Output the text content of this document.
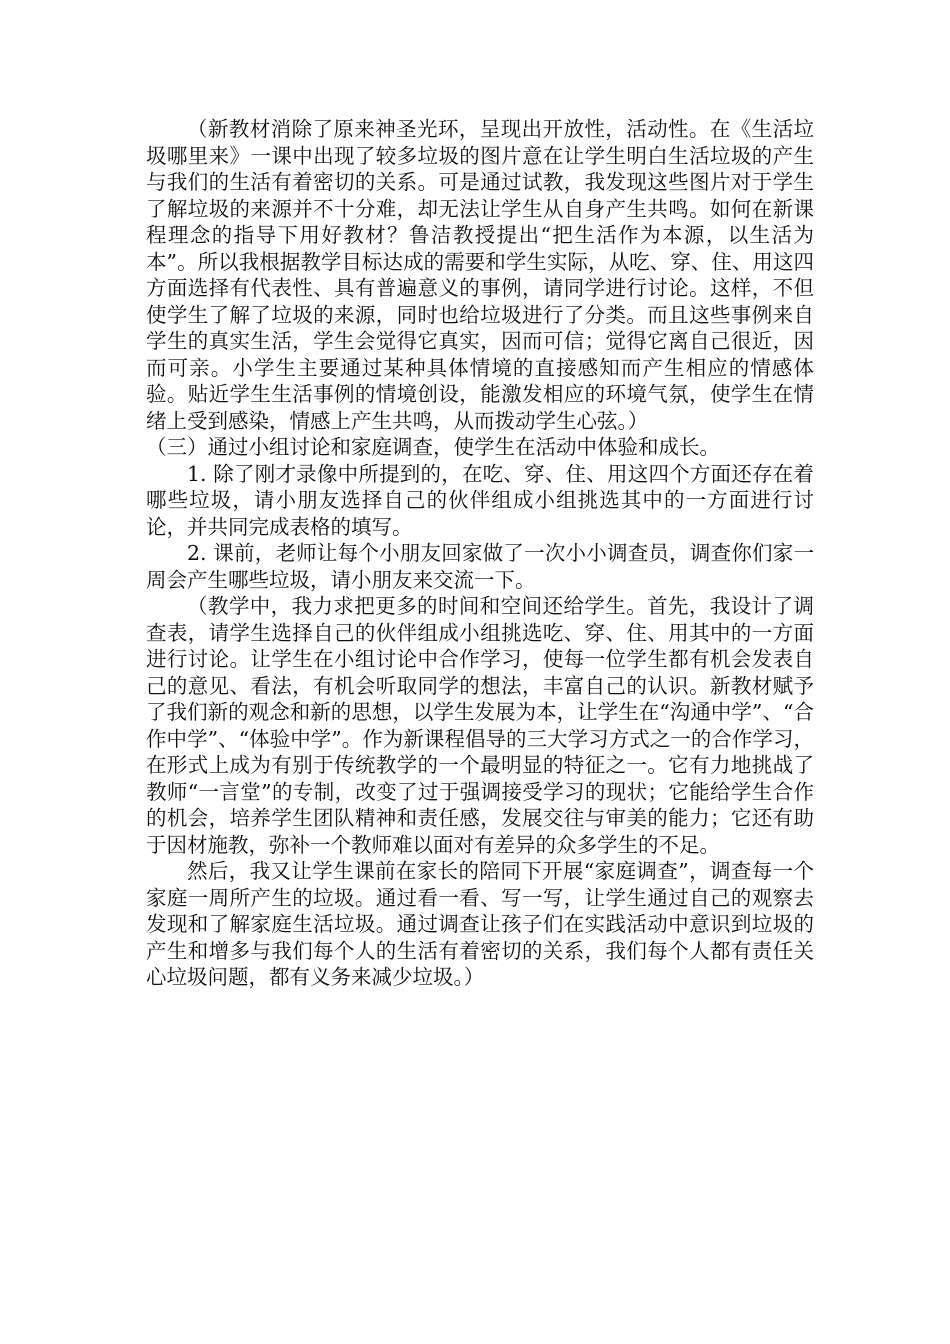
（新教材消除了原来神圣光环，呈现出开放性，活动性。在《生活垃圾哪里来》一课中出现了较多垃圾的图片意在让学生明白生活垃圾的产生与我们的生活有着密切的关系。可是通过试教，我发现这些图片对于学生了解垃圾的来源并不十分难，却无法让学生从自身产生共鸣。如何在新课程理念的指导下用好教材？鲁洁教授提出“把生活作为本源，以生活为本”。所以我根据教学目标达成的需要和学生实际，从吃、穿、住、用这四方面选择有代表性、具有普遍意义的事例，请同学进行讨论。这样，不但使学生了解了垃圾的来源，同时也给垃圾进行了分类。而且这些事例来自学生的真实生活，学生会觉得它真实，因而可信；觉得它离自己很近，因而可亲。小学生主要通过某种具体情境的直接感知而产生相应的情感体验。贴近学生生活事例的情境创设，能激发相应的环境气氛，使学生在情绪上受到感染，情感上产生共鸣，从而拨动学生心弦。）

（三）通过小组讨论和家庭调查，使学生在活动中体验和成长。

1. 除了刚才录像中所提到的，在吃、穿、住、用这四个方面还存在着哪些垃圾，请小朋友选择自己的伙伴组成小组挑选其中的一方面进行讨论，并共同完成表格的填写。

2. 课前，老师让每个小朋友回家做了一次小小调查员，调查你们家一周会产生哪些垃圾，请小朋友来交流一下。

（教学中，我力求把更多的时间和空间还给学生。首先，我设计了调查表，请学生选择自己的伙伴组成小组挑选吃、穿、住、用其中的一方面进行讨论。让学生在小组讨论中合作学习，使每一位学生都有机会发表自己的意见、看法，有机会听取同学的想法，丰富自己的认识。新教材赋予了我们新的观念和新的思想，以学生发展为本，让学生在“沟通中学”、“合作中学”、“体验中学”。作为新课程倡导的三大学习方式之一的合作学习，在形式上成为有别于传统教学的一个最明显的特征之一。它有力地挑战了教师“一言堂”的专制，改变了过于强调接受学习的现状；它能给学生合作的机会，培养学生团队精神和责任感，发展交往与审美的能力；它还有助于因材施教，弥补一个教师难以面对有差异的众多学生的不足。

然后，我又让学生课前在家长的陪同下开展“家庭调查”，调查每一个家庭一周所产生的垃圾。通过看一看、写一写，让学生通过自己的观察去发现和了解家庭生活垃圾。通过调查让孩子们在实践活动中意识到垃圾的产生和增多与我们每个人的生活有着密切的关系，我们每个人都有责任关心垃圾问题，都有义务来减少垃圾。）
